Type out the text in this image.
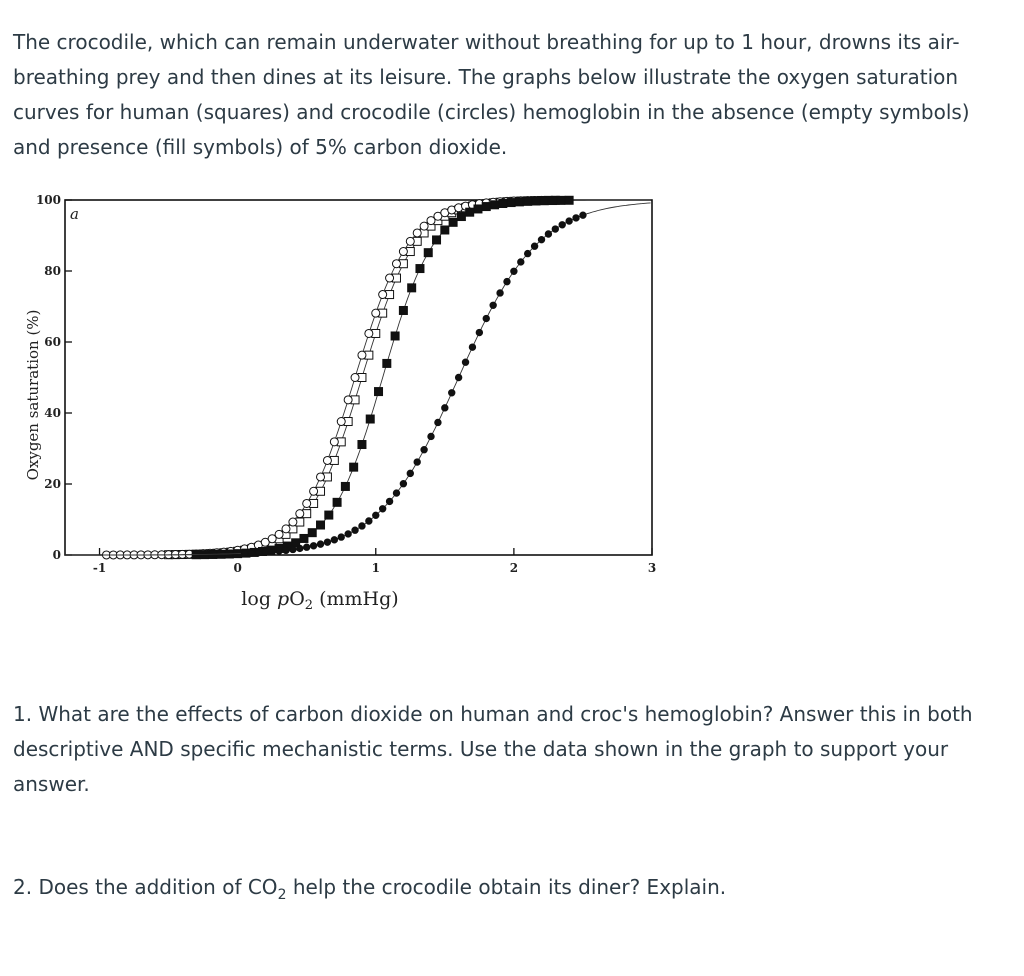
The crocodile, which can remain underwater without breathing for up to 1 hour, drowns its air-breathing prey and then dines at its leisure. The graphs below illustrate the oxygen saturation curves for human (squares) and crocodile (circles) hemoglobin in the absence (empty symbols) and presence (fill symbols) of 5% carbon dioxide.

0
20
40
60
80
100
-1	0	1	2	3
a
Oxygen saturation (%)
$\log pO_2$ (mmHg)

1. What are the effects of carbon dioxide on human and croc's hemoglobin? Answer this in both descriptive AND specific mechanistic terms. Use the data shown in the graph to support your answer.

2. Does the addition of $CO_2$ help the crocodile obtain its diner? Explain.
